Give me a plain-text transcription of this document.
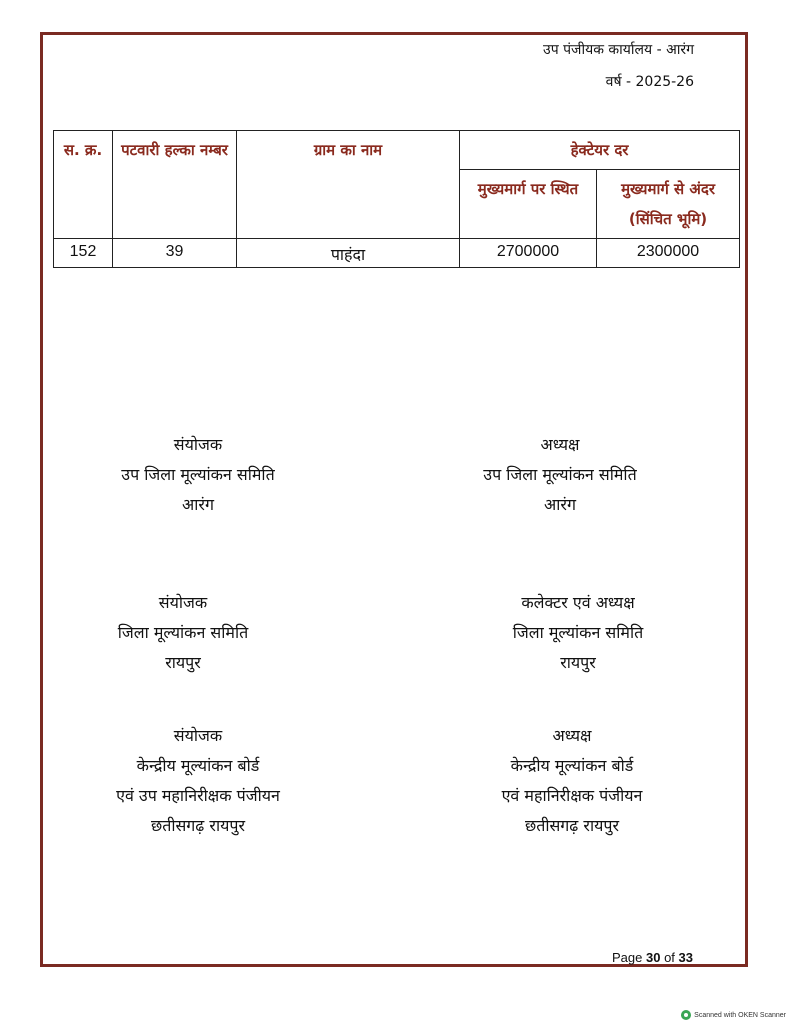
उप पंजीयक कार्यालय - आरंग
वर्ष - 2025-26
स. क्र.	पटवारी हल्का नम्बर	ग्राम का नाम	हेक्टेयर दर	
			मुख्यमार्ग पर स्थित	मुख्यमार्ग से अंदर (सिंचित भूमि)
152	39	पाहंदा	2700000	2300000
संयोजक
उप जिला मूल्यांकन समिति
आरंग
अध्यक्ष
उप जिला मूल्यांकन समिति
आरंग
संयोजक
जिला मूल्यांकन समिति
रायपुर
कलेक्टर एवं अध्यक्ष
जिला मूल्यांकन समिति
रायपुर
संयोजक
केन्द्रीय मूल्यांकन बोर्ड
एवं उप महानिरीक्षक पंजीयन
छतीसगढ़ रायपुर
अध्यक्ष
केन्द्रीय मूल्यांकन बोर्ड
एवं महानिरीक्षक पंजीयन
छतीसगढ़ रायपुर
Page 30 of 33
Scanned with OKEN Scanner
